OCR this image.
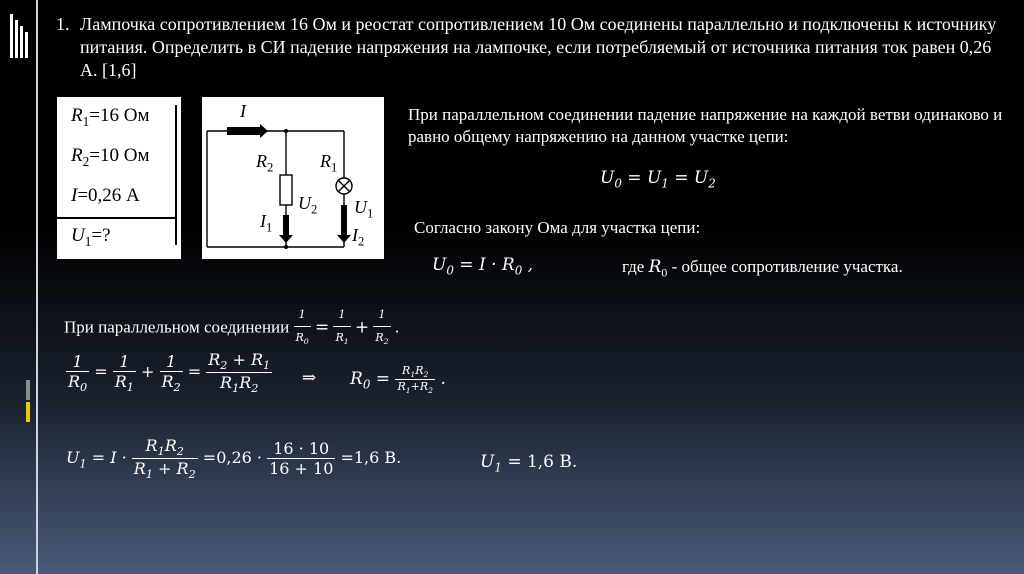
1. Лампочка сопротивлением 16 Ом и реостат сопротивлением 10 Ом соединены параллельно и подключены к источнику питания. Определить в СИ падение напряжения на лампочке, если потребляемый от источника питания ток равен 0,26 А. [1,6]
$R_1=16$ Ом
$R_2=10$ Ом
I=0,26 А
$U_1=$?
I
$R_2$	$R_1$
$U_2$ $U_1$
$I_1$	$I_2$
При параллельном соединении падение напряжение на каждой ветви одинаково и равно общему напряжению на данном участке цепи:
$U_0 = U_1 = U_2$
Согласно закону Ома для участка цепи:
$U_0 = I \cdot R_0$ ,	где $R_0$ - общее сопротивление участка.
При параллельном соединении $\frac{1}{R_0} = \frac{1}{R_1} + \frac{1}{R_2}$ .
$\frac{1}{R_0} = \frac{1}{R_1} + \frac{1}{R_2} = \frac{R_2 + R_1}{R_1R_2}$ ⇒ $R_0 = \frac{R_1R_2}{R_1+R_2}$ .
$U_1 = I \cdot \frac{R_1R_2}{R_1 + R_2} =0,26 \cdot \frac{16 \cdot 10}{16 + 10} =1,6$ В.	$U_1 = 1,6$ В.
